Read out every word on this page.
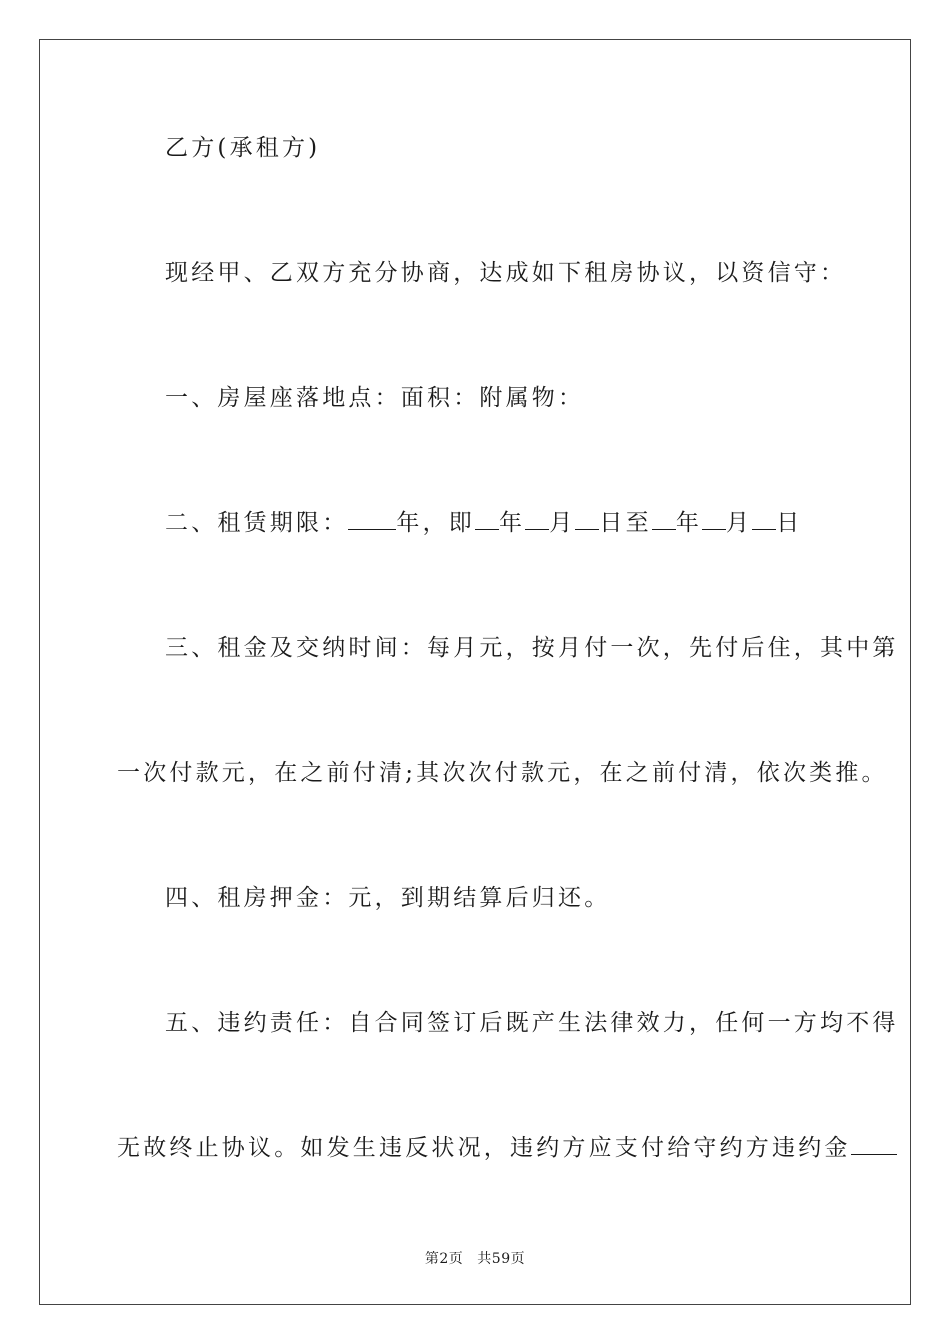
乙方(承租方)
现经甲、乙双方充分协商，达成如下租房协议，以资信守：
一、房屋座落地点：面积：附属物：
二、租赁期限： 年，即 年 月 日至 年 月 日
三、租金及交纳时间：每月元，按月付一次，先付后住，其中第
一次付款元，在之前付清;其次次付款元，在之前付清，依次类推。
四、租房押金：元，到期结算后归还。
五、违约责任：自合同签订后既产生法律效力，任何一方均不得
无故终止协议。如发生违反状况，违约方应支付给守约方违约金
第2页 共59页
